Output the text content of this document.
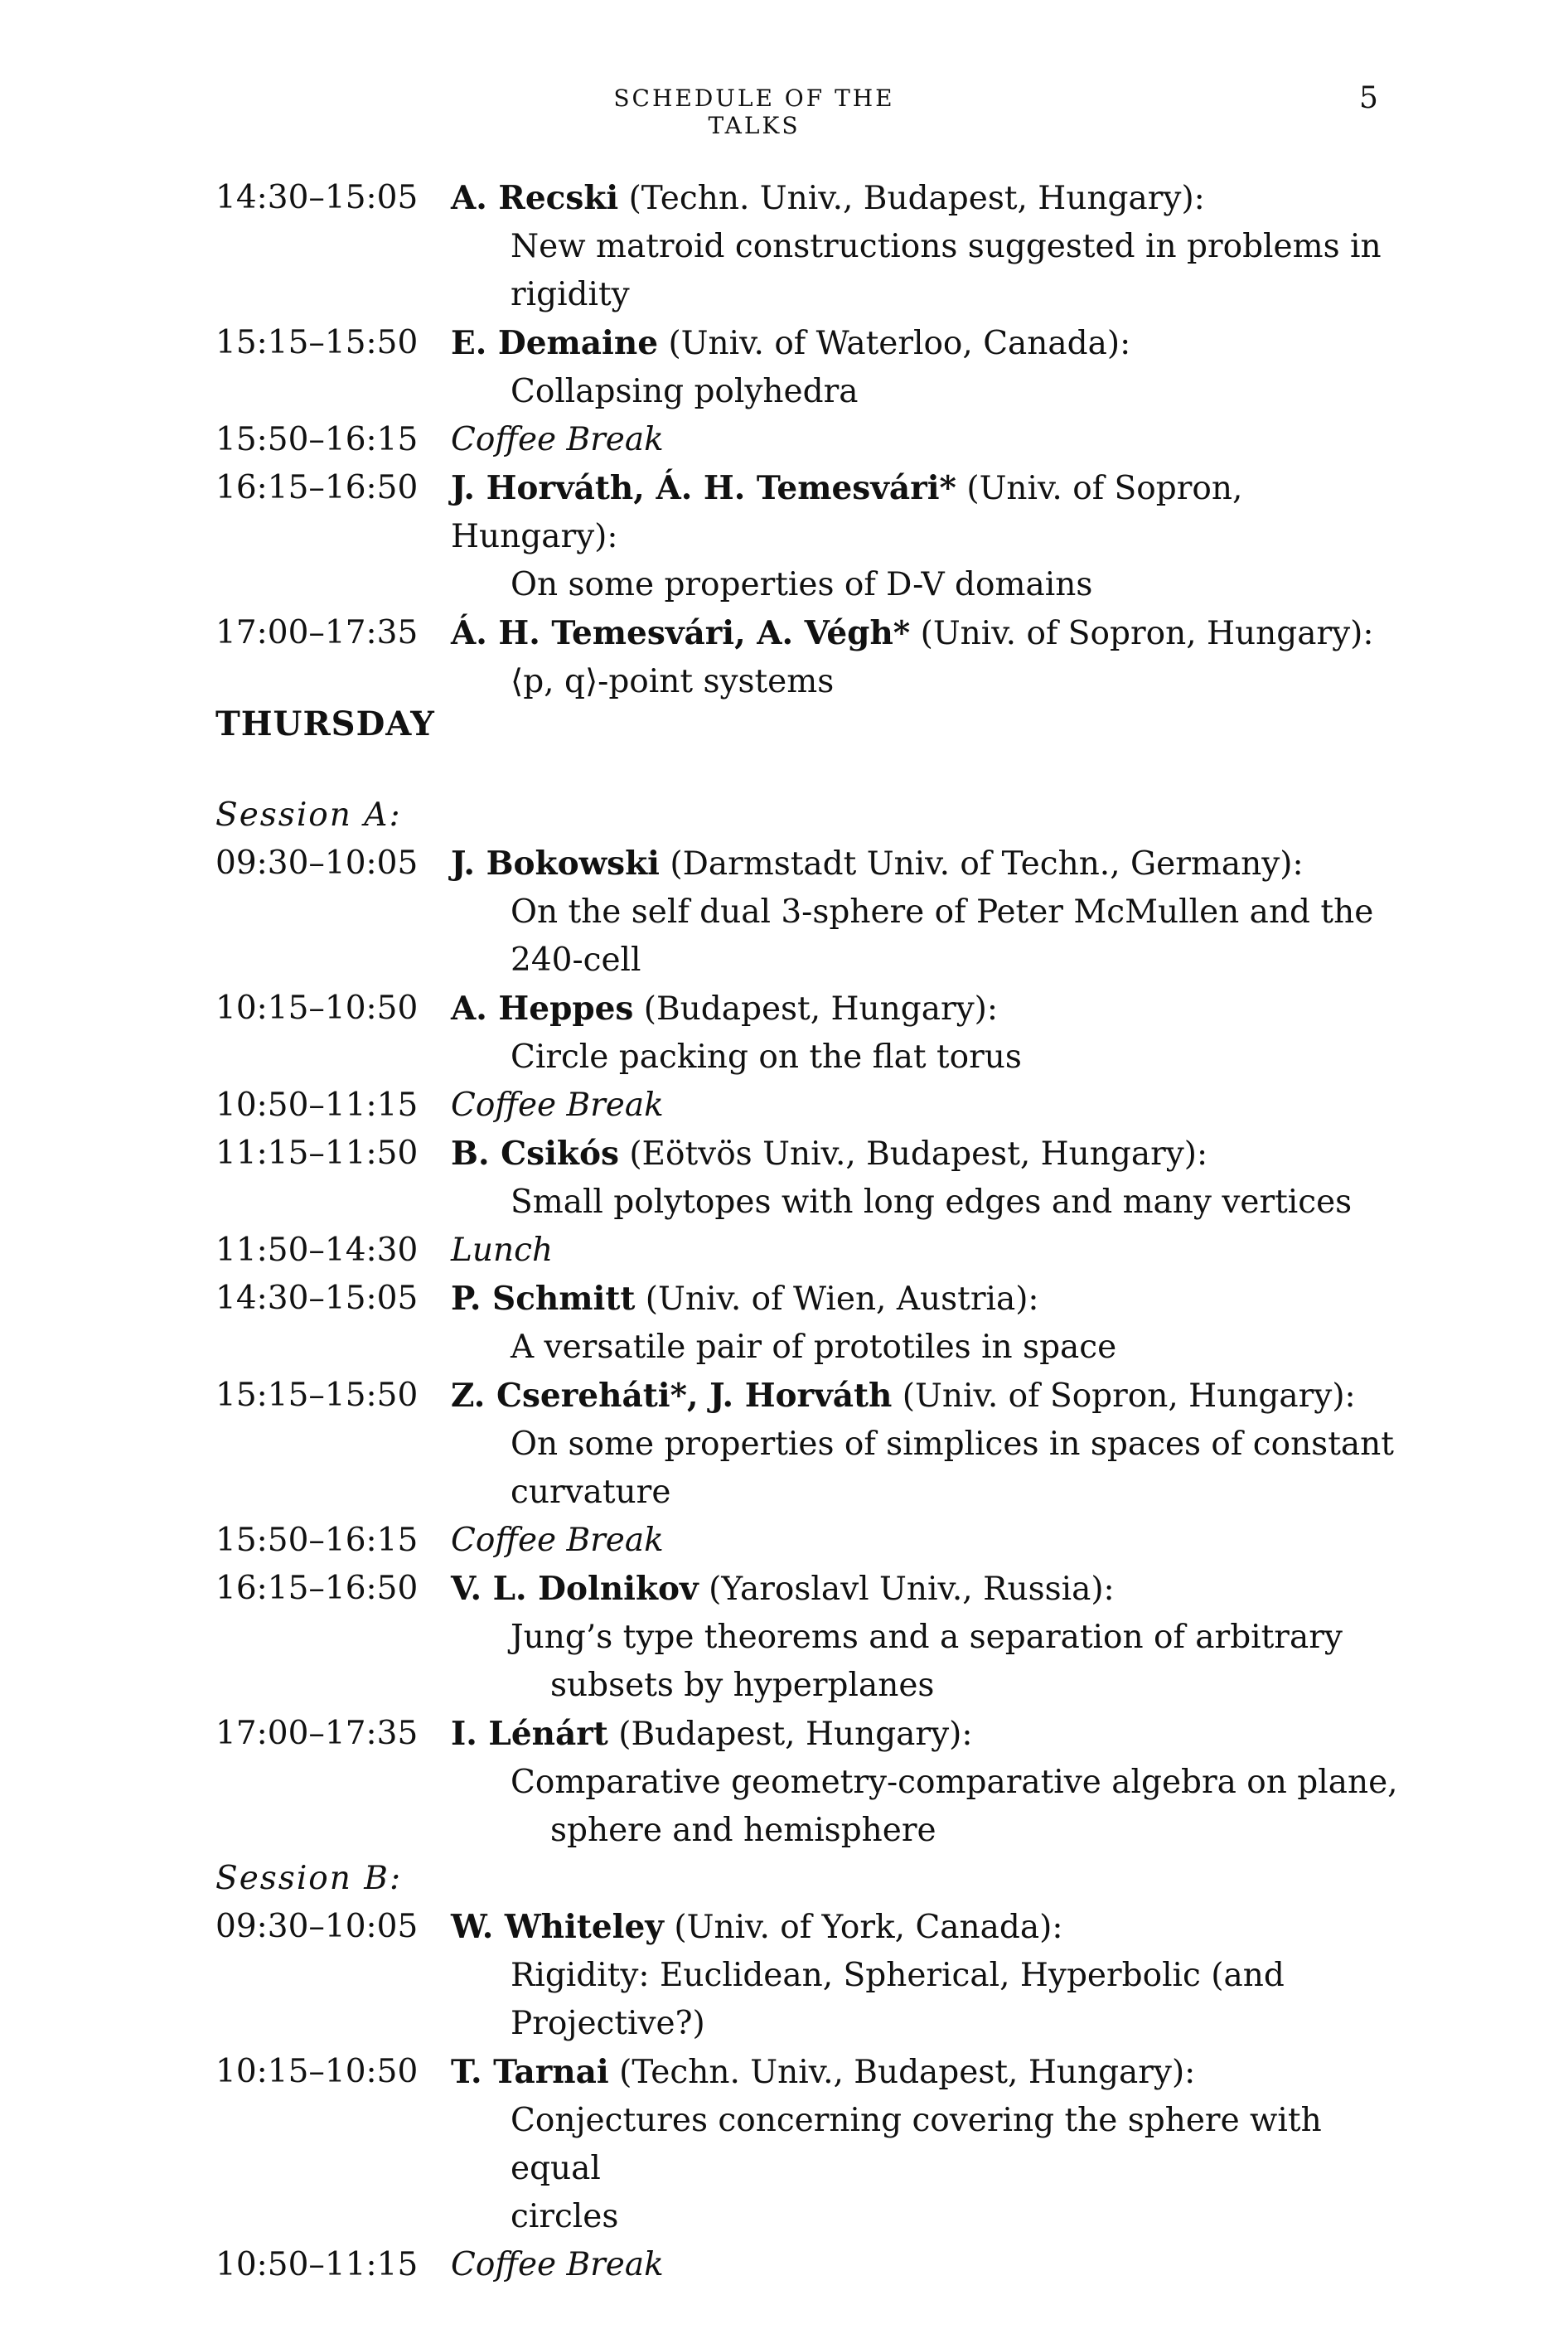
SCHEDULE OF THE TALKS
5
14:30–15:05	A. Recski (Techn. Univ., Budapest, Hungary):
New matroid constructions suggested in problems in
rigidity
15:15–15:50	E. Demaine (Univ. of Waterloo, Canada):
Collapsing polyhedra
15:50–16:15	Coffee Break
16:15–16:50	J. Horváth, Á. H. Temesvári* (Univ. of Sopron, Hungary):
On some properties of D-V domains
17:00–17:35	Á. H. Temesvári, A. Végh* (Univ. of Sopron, Hungary):
⟨p, q⟩-point systems
THURSDAY
Session A:
09:30–10:05	J. Bokowski (Darmstadt Univ. of Techn., Germany):
On the self dual 3-sphere of Peter McMullen and the
240-cell
10:15–10:50	A. Heppes (Budapest, Hungary):
Circle packing on the flat torus
10:50–11:15	Coffee Break
11:15–11:50	B. Csikós (Eötvös Univ., Budapest, Hungary):
Small polytopes with long edges and many vertices
11:50–14:30	Lunch
14:30–15:05	P. Schmitt (Univ. of Wien, Austria):
A versatile pair of prototiles in space
15:15–15:50	Z. Csereháti*, J. Horváth (Univ. of Sopron, Hungary):
On some properties of simplices in spaces of constant
curvature
15:50–16:15	Coffee Break
16:15–16:50	V. L. Dolnikov (Yaroslavl Univ., Russia):
Jung’s type theorems and a separation of arbitrary
subsets by hyperplanes
17:00–17:35	I. Lénárt (Budapest, Hungary):
Comparative geometry-comparative algebra on plane,
sphere and hemisphere
Session B:
09:30–10:05	W. Whiteley (Univ. of York, Canada):
Rigidity: Euclidean, Spherical, Hyperbolic (and
Projective?)
10:15–10:50	T. Tarnai (Techn. Univ., Budapest, Hungary):
Conjectures concerning covering the sphere with equal
circles
10:50–11:15	Coffee Break
